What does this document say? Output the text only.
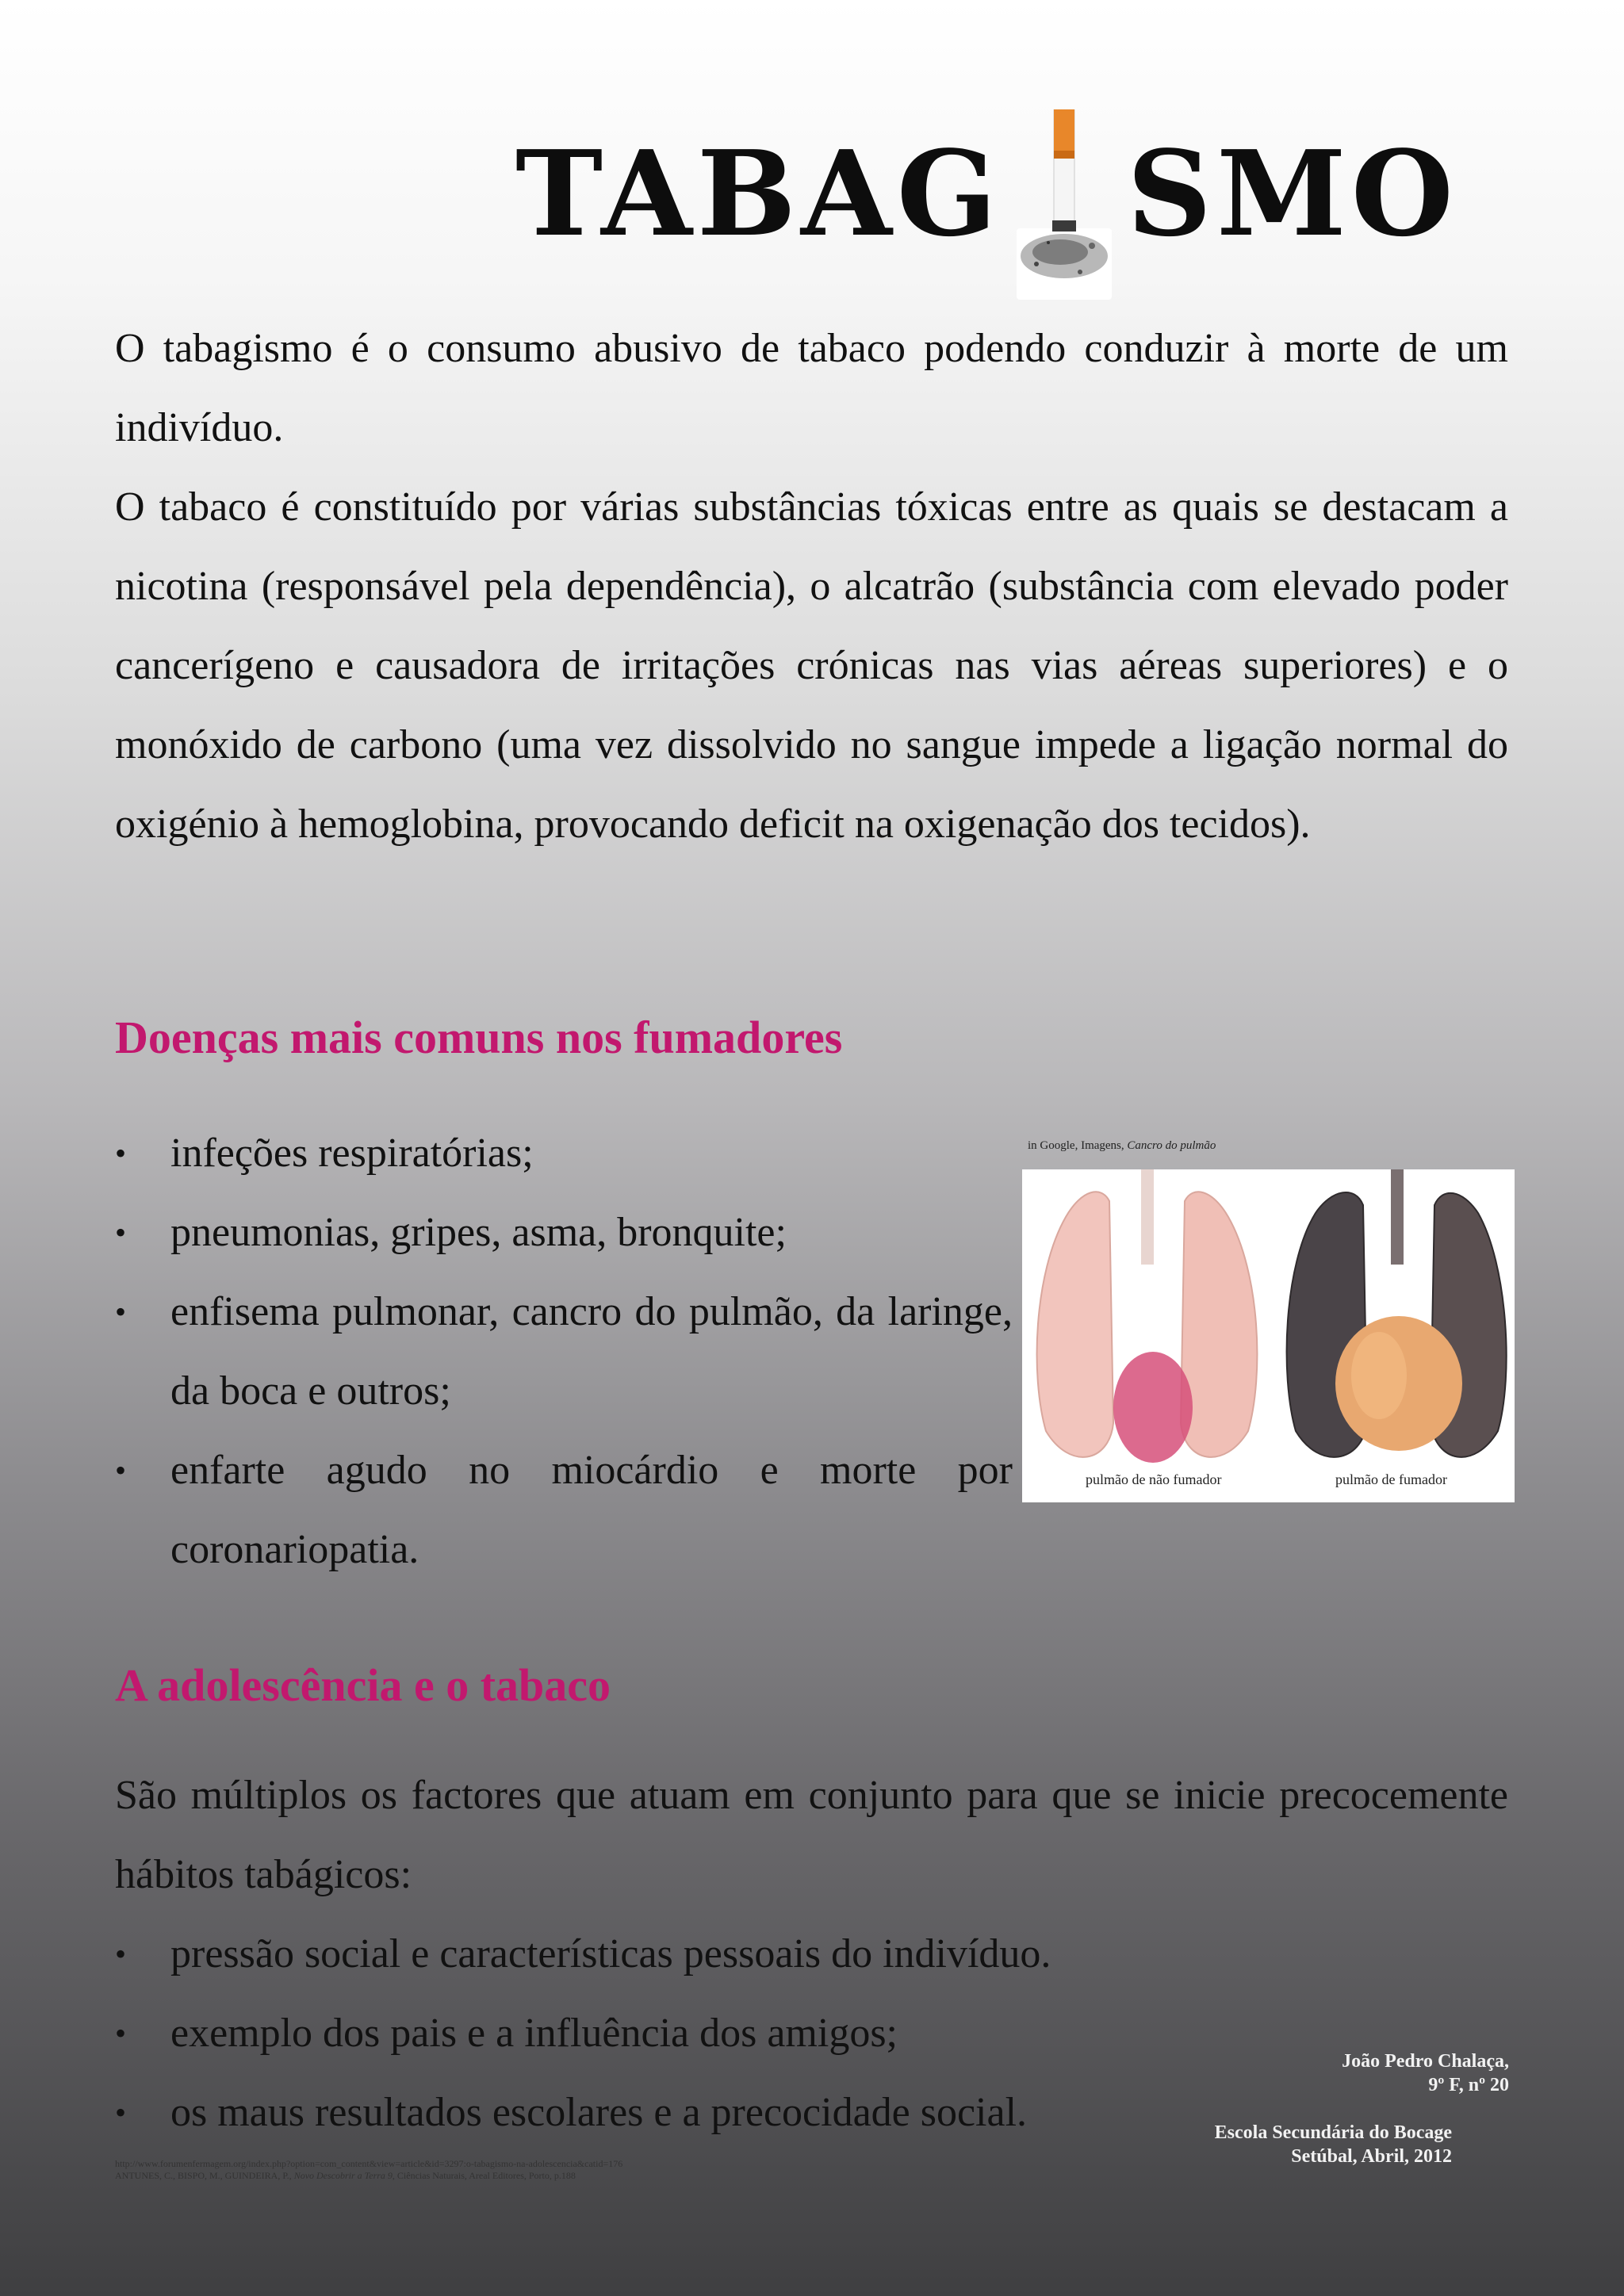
TABAG SMO

O tabagismo é o consumo abusivo de tabaco podendo conduzir à morte de um indivíduo.

O tabaco é constituído por várias substâncias tóxicas entre as quais se destacam a nicotina (responsável pela dependência), o alcatrão (substância com elevado poder cancerígeno e causadora de irritações crónicas nas vias aéreas superiores) e o monóxido de carbono (uma vez dissolvido no sangue impede a ligação normal do oxigénio à hemoglobina, provocando deficit na oxigenação dos tecidos).

Doenças mais comuns nos fumadores
•	infeções respiratórias;
•	pneumonias, gripes, asma, bronquite;
•	enfisema pulmonar, cancro do pulmão, da laringe, da boca e outros;
•	enfarte agudo no miocárdio e morte por coronariopatia.
in Google, Imagens, Cancro do pulmão
pulmão de não fumador	pulmão de fumador
A adolescência e o tabaco

São múltiplos os factores que atuam em conjunto para que se inicie precocemente hábitos tabágicos:

•	pressão social e características pessoais do indivíduo.
•	exemplo dos pais e a influência dos amigos;
•	os maus resultados escolares e a precocidade social.
João Pedro Chalaça,
9º F, nº 20
Escola Secundária do Bocage
Setúbal, Abril, 2012
http://www.forumenfermagem.org/index.php?option=com_content&view=article&id=3297:o-tabagismo-na-adolescencia&catid=176
ANTUNES, C., BISPO, M., GUINDEIRA, P., Novo Descobrir a Terra 9, Ciências Naturais, Areal Editores, Porto, p.188
